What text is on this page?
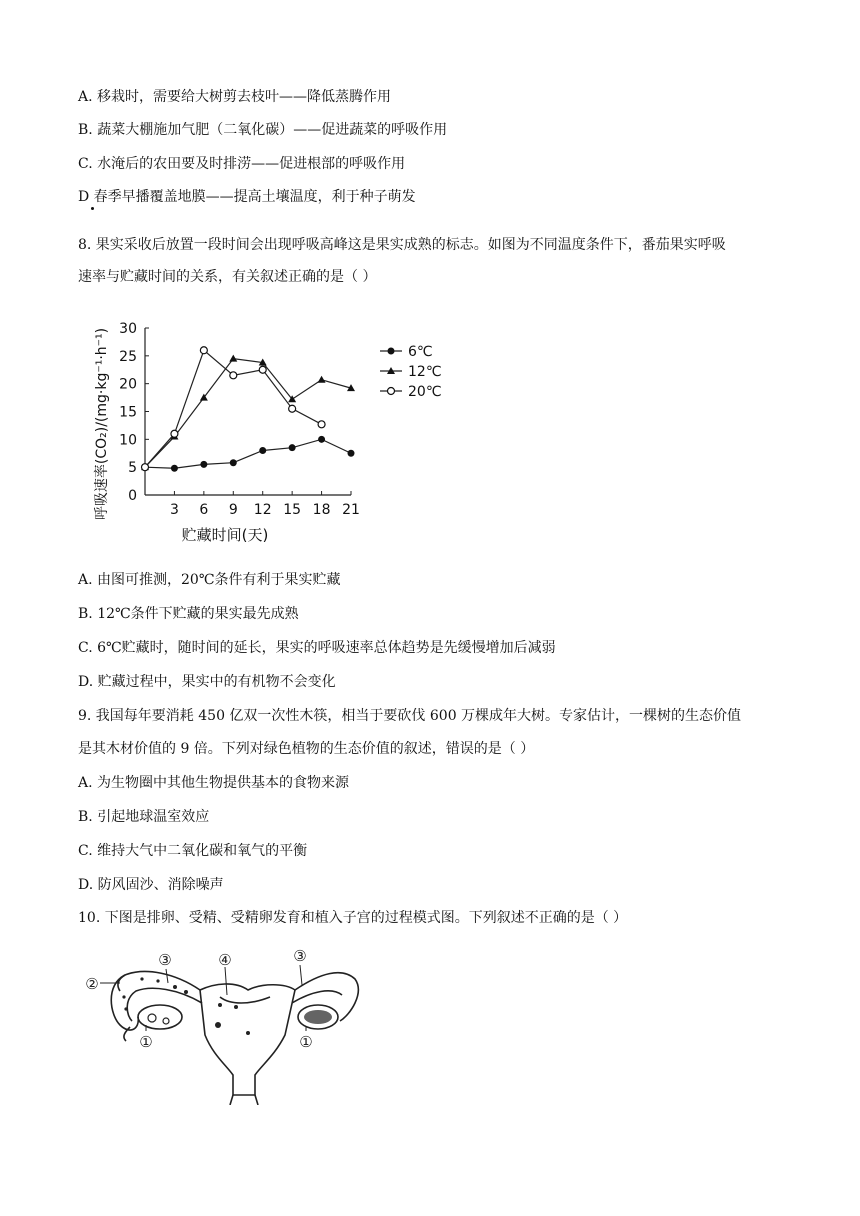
A. 移栽时，需要给大树剪去枝叶——降低蒸腾作用
B. 蔬菜大棚施加气肥（二氧化碳）——促进蔬菜的呼吸作用
C. 水淹后的农田要及时排涝——促进根部的呼吸作用
D 春季早播覆盖地膜——提高土壤温度，利于种子萌发
8. 果实采收后放置一段时间会出现呼吸高峰这是果实成熟的标志。如图为不同温度条件下，番茄果实呼吸
速率与贮藏时间的关系，有关叙述正确的是（ ）
0
5
10
15
20
25
30
3 6 9 12 15 18 21
6℃
12℃
20℃
呼吸速率(CO₂)/(mg·kg⁻¹·h⁻¹)
贮藏时间(天)
A. 由图可推测，20℃条件有利于果实贮藏
B. 12℃条件下贮藏的果实最先成熟
C. 6℃贮藏时，随时间的延长，果实的呼吸速率总体趋势是先缓慢增加后减弱
D. 贮藏过程中，果实中的有机物不会变化
9. 我国每年要消耗 450 亿双一次性木筷，相当于要砍伐 600 万棵成年大树。专家估计，一棵树的生态价值
是其木材价值的 9 倍。下列对绿色植物的生态价值的叙述，错误的是（ ）
A. 为生物圈中其他生物提供基本的食物来源
B. 引起地球温室效应
C. 维持大气中二氧化碳和氧气的平衡
D. 防风固沙、消除噪声
10. 下图是排卵、受精、受精卵发育和植入子宫的过程模式图。下列叙述不正确的是（ ）
②
③	④	③
①	①
